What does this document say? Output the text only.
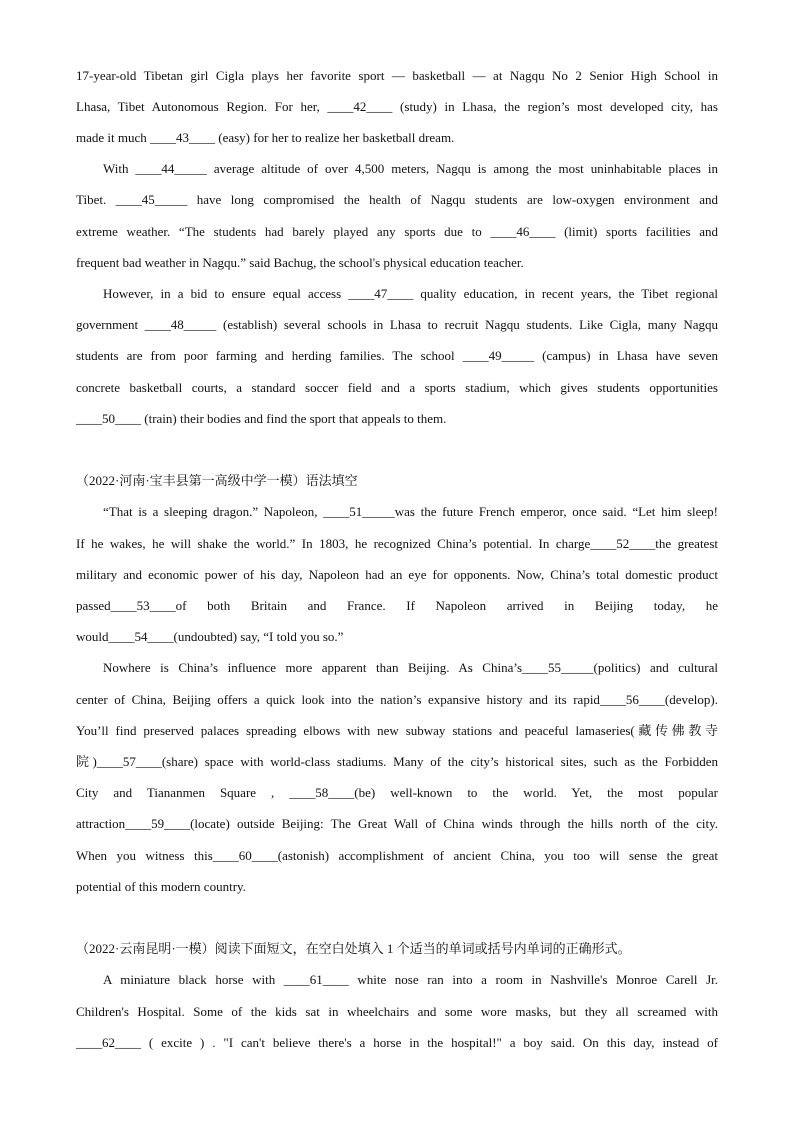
17-year-old Tibetan girl Cigla plays her favorite sport — basketball — at Nagqu No 2 Senior High School in
Lhasa, Tibet Autonomous Region. For her, ____42____ (study) in Lhasa, the region’s most developed city, has
made it much ____43____ (easy) for her to realize her basketball dream.
With ____44_____ average altitude of over 4,500 meters, Nagqu is among the most uninhabitable places in
Tibet. ____45_____ have long compromised the health of Nagqu students are low-oxygen environment and
extreme weather. “The students had barely played any sports due to ____46____ (limit) sports facilities and
frequent bad weather in Nagqu.” said Bachug, the school's physical education teacher.
However, in a bid to ensure equal access ____47____ quality education, in recent years, the Tibet regional
government ____48_____ (establish) several schools in Lhasa to recruit Nagqu students. Like Cigla, many Nagqu
students are from poor farming and herding families. The school ____49_____ (campus) in Lhasa have seven
concrete basketball courts, a standard soccer field and a sports stadium, which gives students opportunities
____50____ (train) their bodies and find the sport that appeals to them.
（2022·河南·宝丰县第一高级中学一模）语法填空
“That is a sleeping dragon.” Napoleon, ____51_____was the future French emperor, once said. “Let him sleep!
If he wakes, he will shake the world.” In 1803, he recognized China’s potential. In charge____52____the greatest
military and economic power of his day, Napoleon had an eye for opponents. Now, China’s total domestic product
passed____53____of both Britain and France. If Napoleon arrived in Beijing today, he
would____54____(undoubted) say, “I told you so.”
Nowhere is China’s influence more apparent than Beijing. As China’s____55_____(politics) and cultural
center of China, Beijing offers a quick look into the nation’s expansive history and its rapid____56____(develop).
You’ll find preserved palaces spreading elbows with new subway stations and peaceful lamaseries(藏传佛教寺
院)____57____(share) space with world-class stadiums. Many of the city’s historical sites, such as the Forbidden
City and Tiananmen Square , ____58____(be) well-known to the world. Yet, the most popular
attraction____59____(locate) outside Beijing: The Great Wall of China winds through the hills north of the city.
When you witness this____60____(astonish) accomplishment of ancient China, you too will sense the great
potential of this modern country.
（2022·云南昆明·一模）阅读下面短文，在空白处填入 1 个适当的单词或括号内单词的正确形式。
A miniature black horse with ____61____ white nose ran into a room in Nashville's Monroe Carell Jr.
Children's Hospital. Some of the kids sat in wheelchairs and some wore masks, but they all screamed with
____62____ ( excite ) . "I can't believe there's a horse in the hospital!" a boy said. On this day, instead of
